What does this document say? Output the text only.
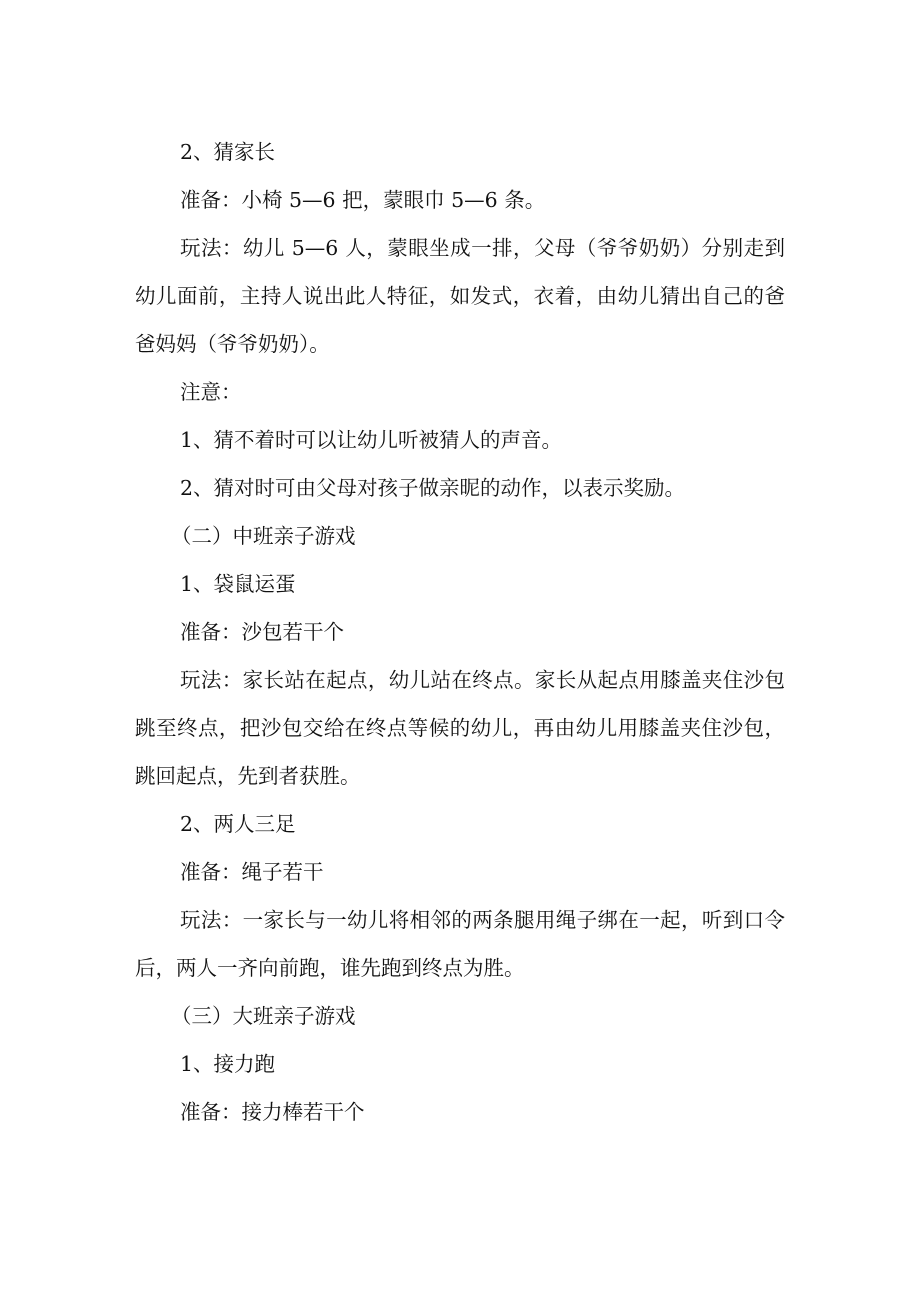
2、猜家长

准备：小椅 5—6 把，蒙眼巾 5—6 条。

玩法：幼儿 5—6 人，蒙眼坐成一排，父母（爷爷奶奶）分别走到幼儿面前，主持人说出此人特征，如发式，衣着，由幼儿猜出自己的爸爸妈妈（爷爷奶奶）。

注意：

1、猜不着时可以让幼儿听被猜人的声音。

2、猜对时可由父母对孩子做亲昵的动作，以表示奖励。

（二）中班亲子游戏

1、袋鼠运蛋

准备：沙包若干个

玩法：家长站在起点，幼儿站在终点。家长从起点用膝盖夹住沙包跳至终点，把沙包交给在终点等候的幼儿，再由幼儿用膝盖夹住沙包，跳回起点，先到者获胜。

2、两人三足

准备：绳子若干

玩法：一家长与一幼儿将相邻的两条腿用绳子绑在一起，听到口令后，两人一齐向前跑，谁先跑到终点为胜。

（三）大班亲子游戏

1、接力跑

准备：接力棒若干个
